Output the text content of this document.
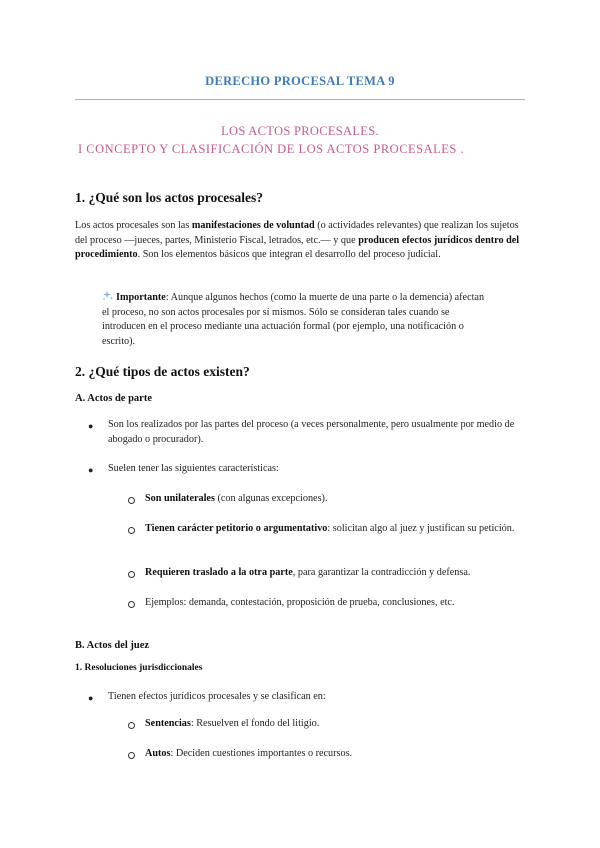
DERECHO PROCESAL TEMA 9
LOS ACTOS PROCESALES.
I CONCEPTO Y CLASIFICACIÓN DE LOS ACTOS PROCESALES .
1. ¿Qué son los actos procesales?
Los actos procesales son las manifestaciones de voluntad (o actividades relevantes) que realizan los sujetos del proceso —jueces, partes, Ministerio Fiscal, letrados, etc.— y que producen efectos jurídicos dentro del procedimiento. Son los elementos básicos que integran el desarrollo del proceso judicial.
Importante: Aunque algunos hechos (como la muerte de una parte o la demencia) afectan el proceso, no son actos procesales por sí mismos. Sólo se consideran tales cuando se introducen en el proceso mediante una actuación formal (por ejemplo, una notificación o escrito).
2. ¿Qué tipos de actos existen?
A. Actos de parte
● Son los realizados por las partes del proceso (a veces personalmente, pero usualmente por medio de abogado o procurador).
● Suelen tener las siguientes características:
Son unilaterales (con algunas excepciones).
Tienen carácter petitorio o argumentativo: solicitan algo al juez y justifican su petición.
Requieren traslado a la otra parte, para garantizar la contradicción y defensa.
Ejemplos: demanda, contestación, proposición de prueba, conclusiones, etc.
B. Actos del juez
1. Resoluciones jurisdiccionales
● Tienen efectos jurídicos procesales y se clasifican en:
Sentencias: Resuelven el fondo del litigio.
Autos: Deciden cuestiones importantes o recursos.
